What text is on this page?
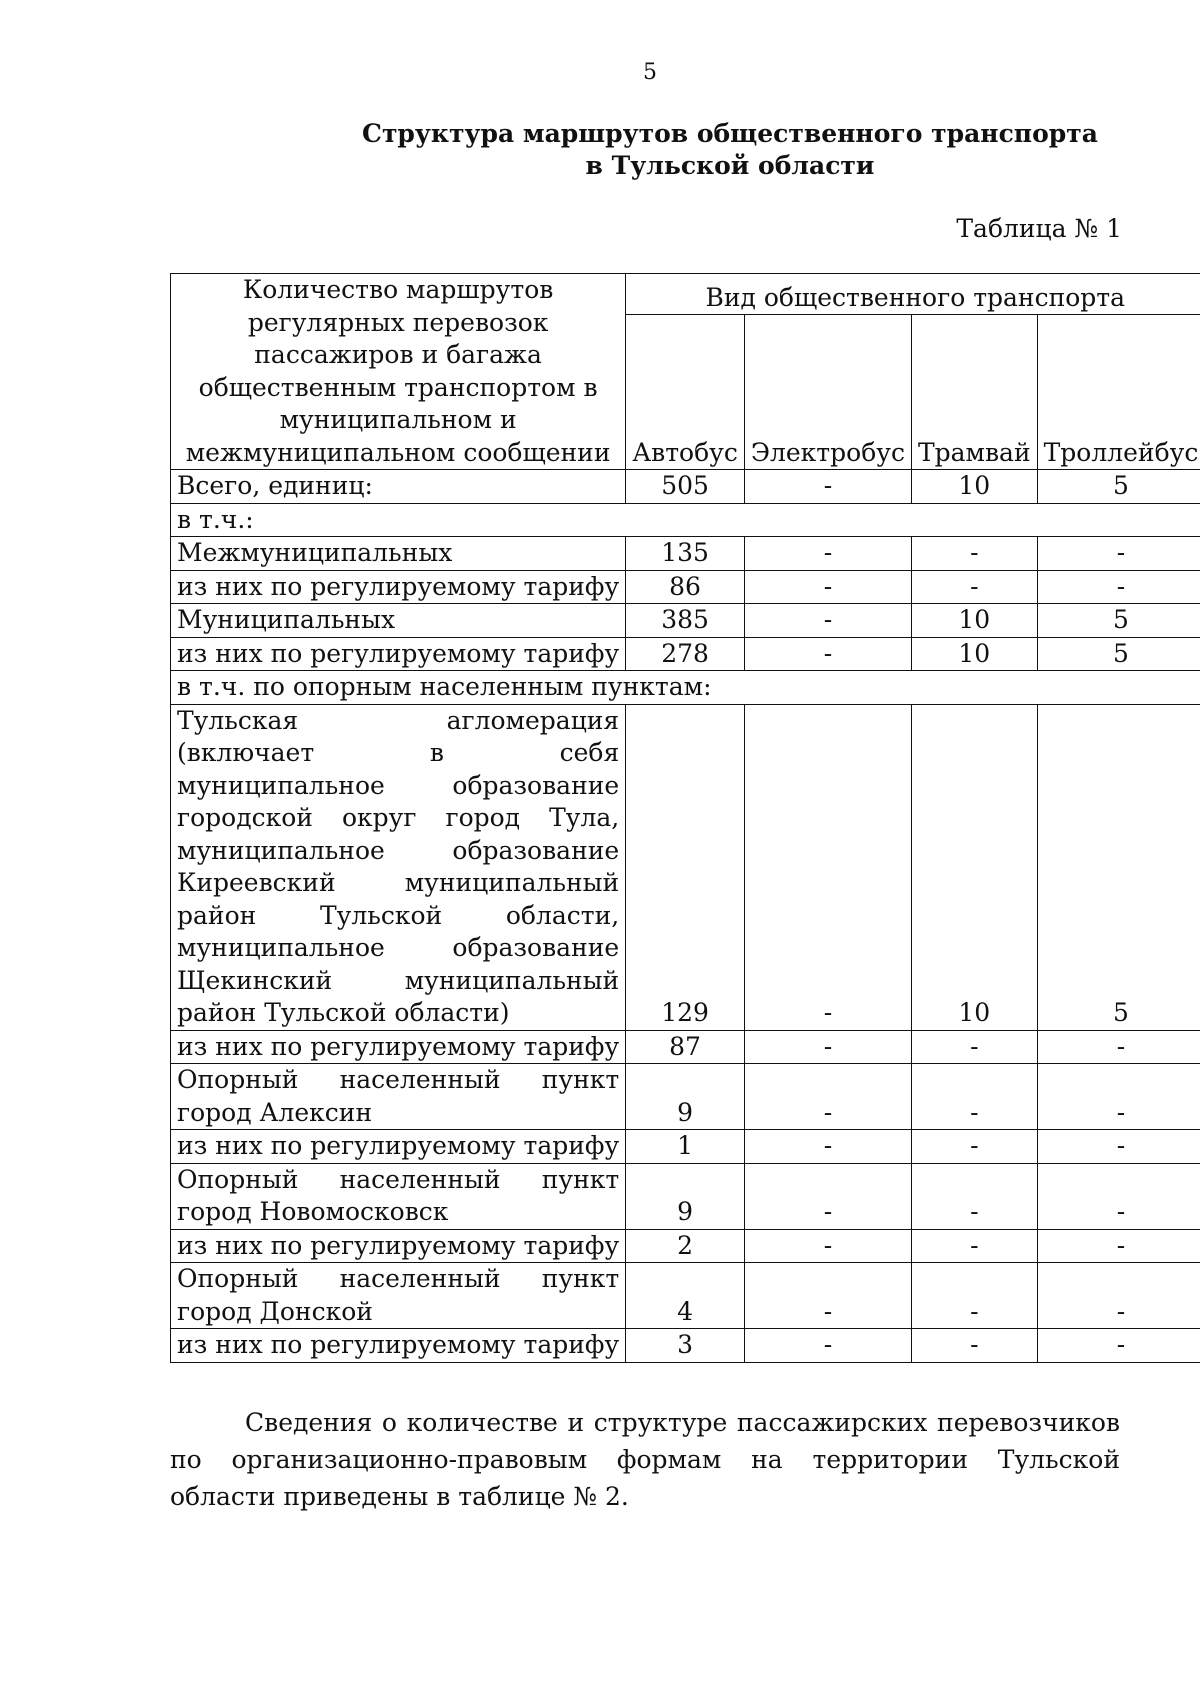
5
Структура маршрутов общественного транспорта
в Тульской области
Таблица № 1
Количество маршрутов регулярных перевозок пассажиров и багажа общественным транспортом в муниципальном и межмуниципальном сообщении	Вид общественного транспорта			
	Автобус	Электробус	Трамвай	Троллейбус
Всего, единиц:	505	-	10	5
в т.ч.:				
Межмуниципальных	135	-	-	-
из них по регулируемому тарифу	86	-	-	-
Муниципальных	385	-	10	5
из них по регулируемому тарифу	278	-	10	5
в т.ч. по опорным населенным пунктам:				
Тульская агломерация (включает в себя муниципальное образование городской округ город Тула, муниципальное образование Киреевский муниципальный район Тульской области, муниципальное образование Щекинский муниципальный район Тульской области)	129	-	10	5
из них по регулируемому тарифу	87	-	-	-
Опорный населенный пункт город Алексин	9	-	-	-
из них по регулируемому тарифу	1	-	-	-
Опорный населенный пункт город Новомосковск	9	-	-	-
из них по регулируемому тарифу	2	-	-	-
Опорный населенный пункт город Донской	4	-	-	-
из них по регулируемому тарифу	3	-	-	-
Сведения о количестве и структуре пассажирских перевозчиков по организационно-правовым формам на территории Тульской области приведены в таблице № 2.
